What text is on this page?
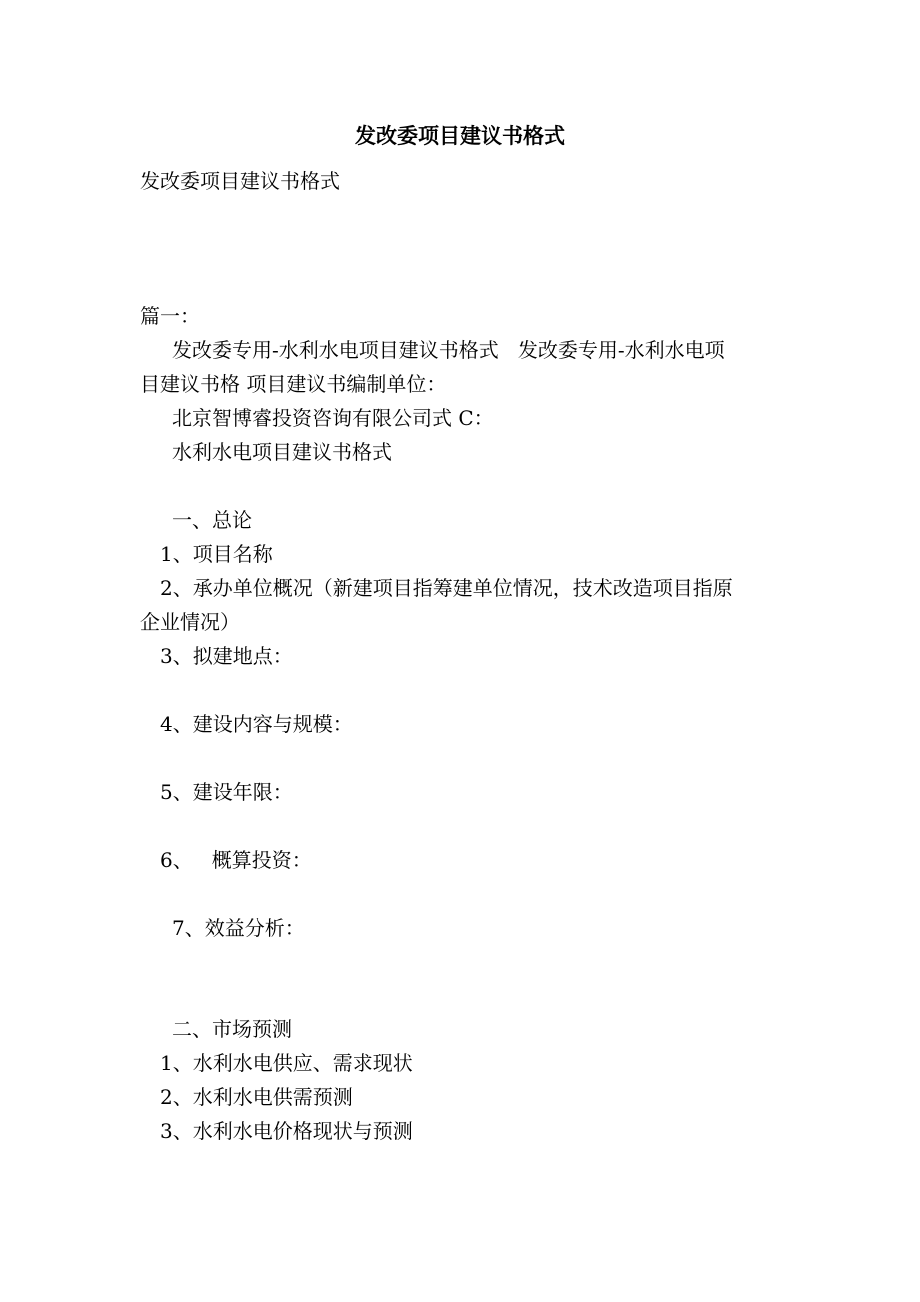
发改委项目建议书格式
发改委项目建议书格式
篇一：
发改委专用-水利水电项目建议书格式   发改委专用-水利水电项
目建议书格 项目建议书编制单位：
北京智博睿投资咨询有限公司式 C：
水利水电项目建议书格式
一、总论
1、项目名称
2、承办单位概况（新建项目指筹建单位情况，技术改造项目指原
企业情况）
3、拟建地点：
4、建设内容与规模：
5、建设年限：
6、   概算投资：
7、效益分析：
二、市场预测
1、水利水电供应、需求现状
2、水利水电供需预测
3、水利水电价格现状与预测
